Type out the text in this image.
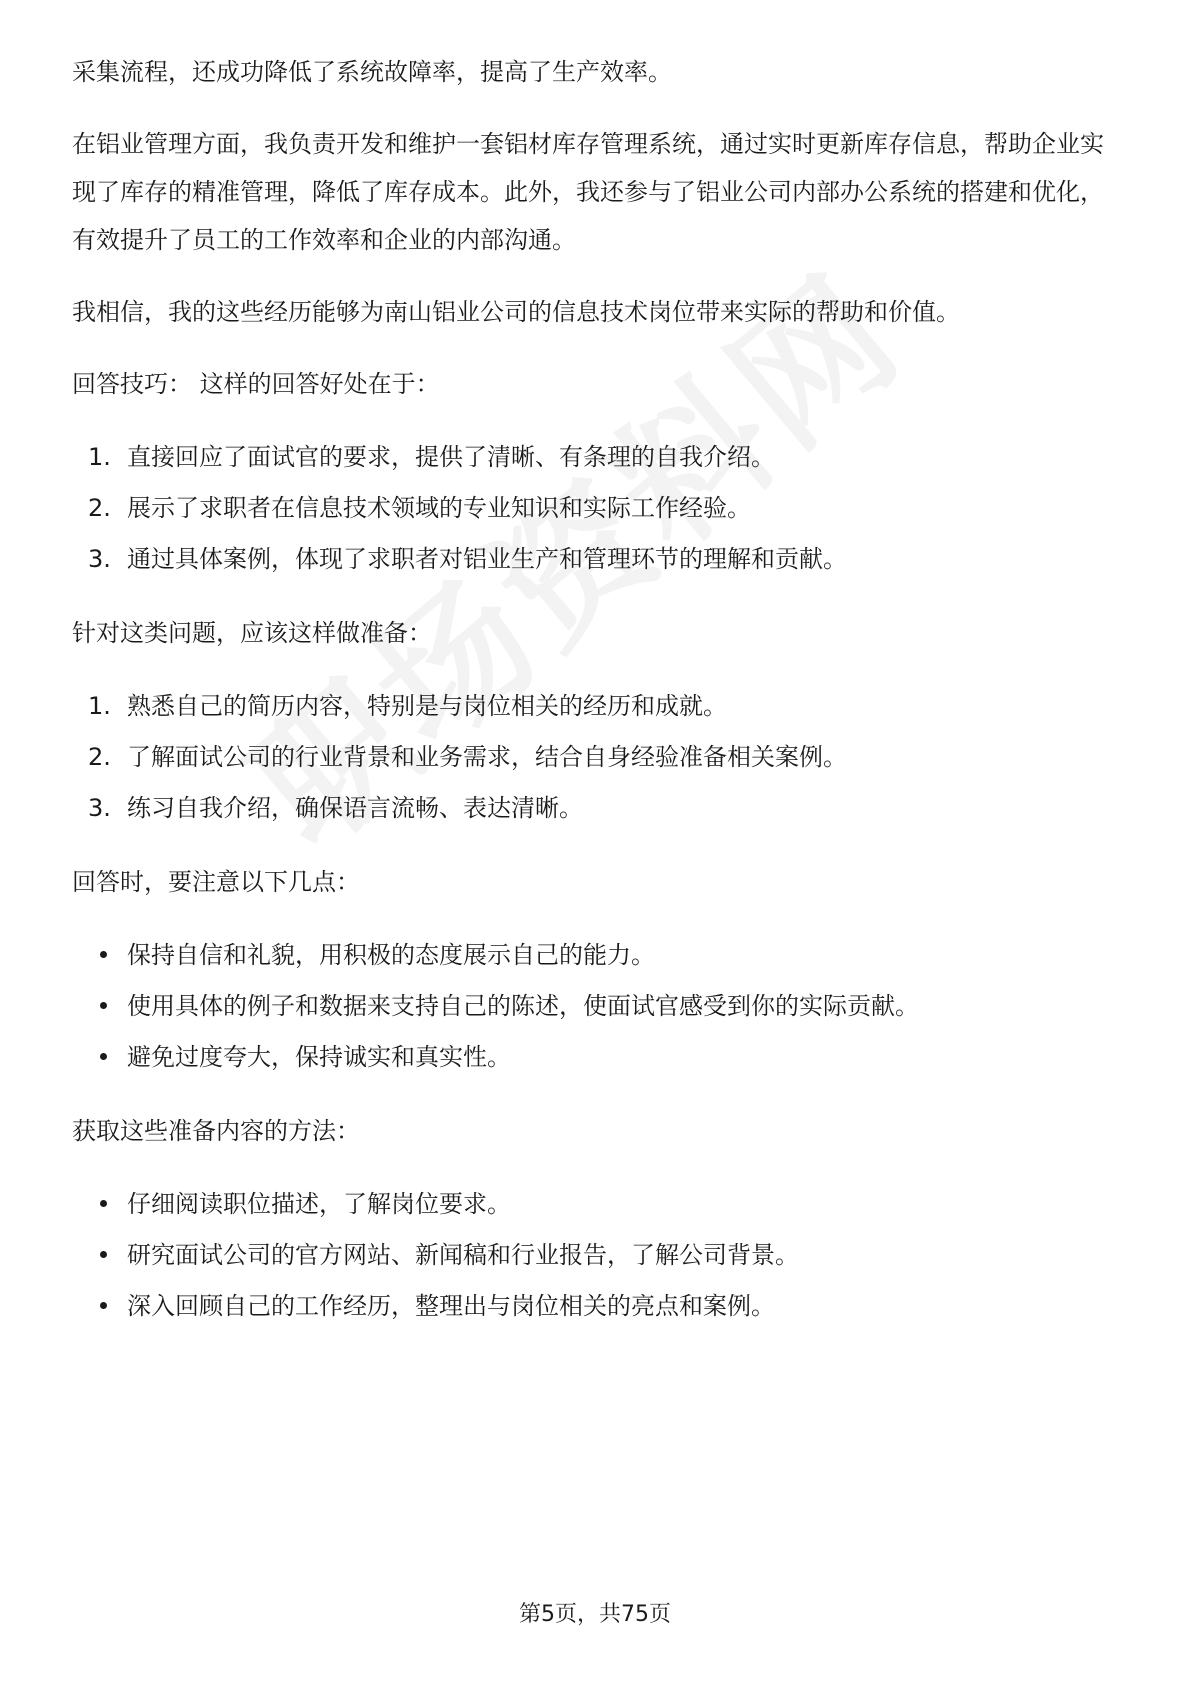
采集流程，还成功降低了系统故障率，提高了生产效率。

在铝业管理方面，我负责开发和维护一套铝材库存管理系统，通过实时更新库存信息，帮助企业实现了库存的精准管理，降低了库存成本。此外，我还参与了铝业公司内部办公系统的搭建和优化，有效提升了员工的工作效率和企业的内部沟通。

我相信，我的这些经历能够为南山铝业公司的信息技术岗位带来实际的帮助和价值。

回答技巧： 这样的回答好处在于：

1. 直接回应了面试官的要求，提供了清晰、有条理的自我介绍。
2. 展示了求职者在信息技术领域的专业知识和实际工作经验。
3. 通过具体案例，体现了求职者对铝业生产和管理环节的理解和贡献。

针对这类问题，应该这样做准备：

1. 熟悉自己的简历内容，特别是与岗位相关的经历和成就。
2. 了解面试公司的行业背景和业务需求，结合自身经验准备相关案例。
3. 练习自我介绍，确保语言流畅、表达清晰。

回答时，要注意以下几点：

保持自信和礼貌，用积极的态度展示自己的能力。
使用具体的例子和数据来支持自己的陈述，使面试官感受到你的实际贡献。
避免过度夸大，保持诚实和真实性。

获取这些准备内容的方法：

仔细阅读职位描述，了解岗位要求。
研究面试公司的官方网站、新闻稿和行业报告，了解公司背景。
深入回顾自己的工作经历，整理出与岗位相关的亮点和案例。
第5页，共75页
